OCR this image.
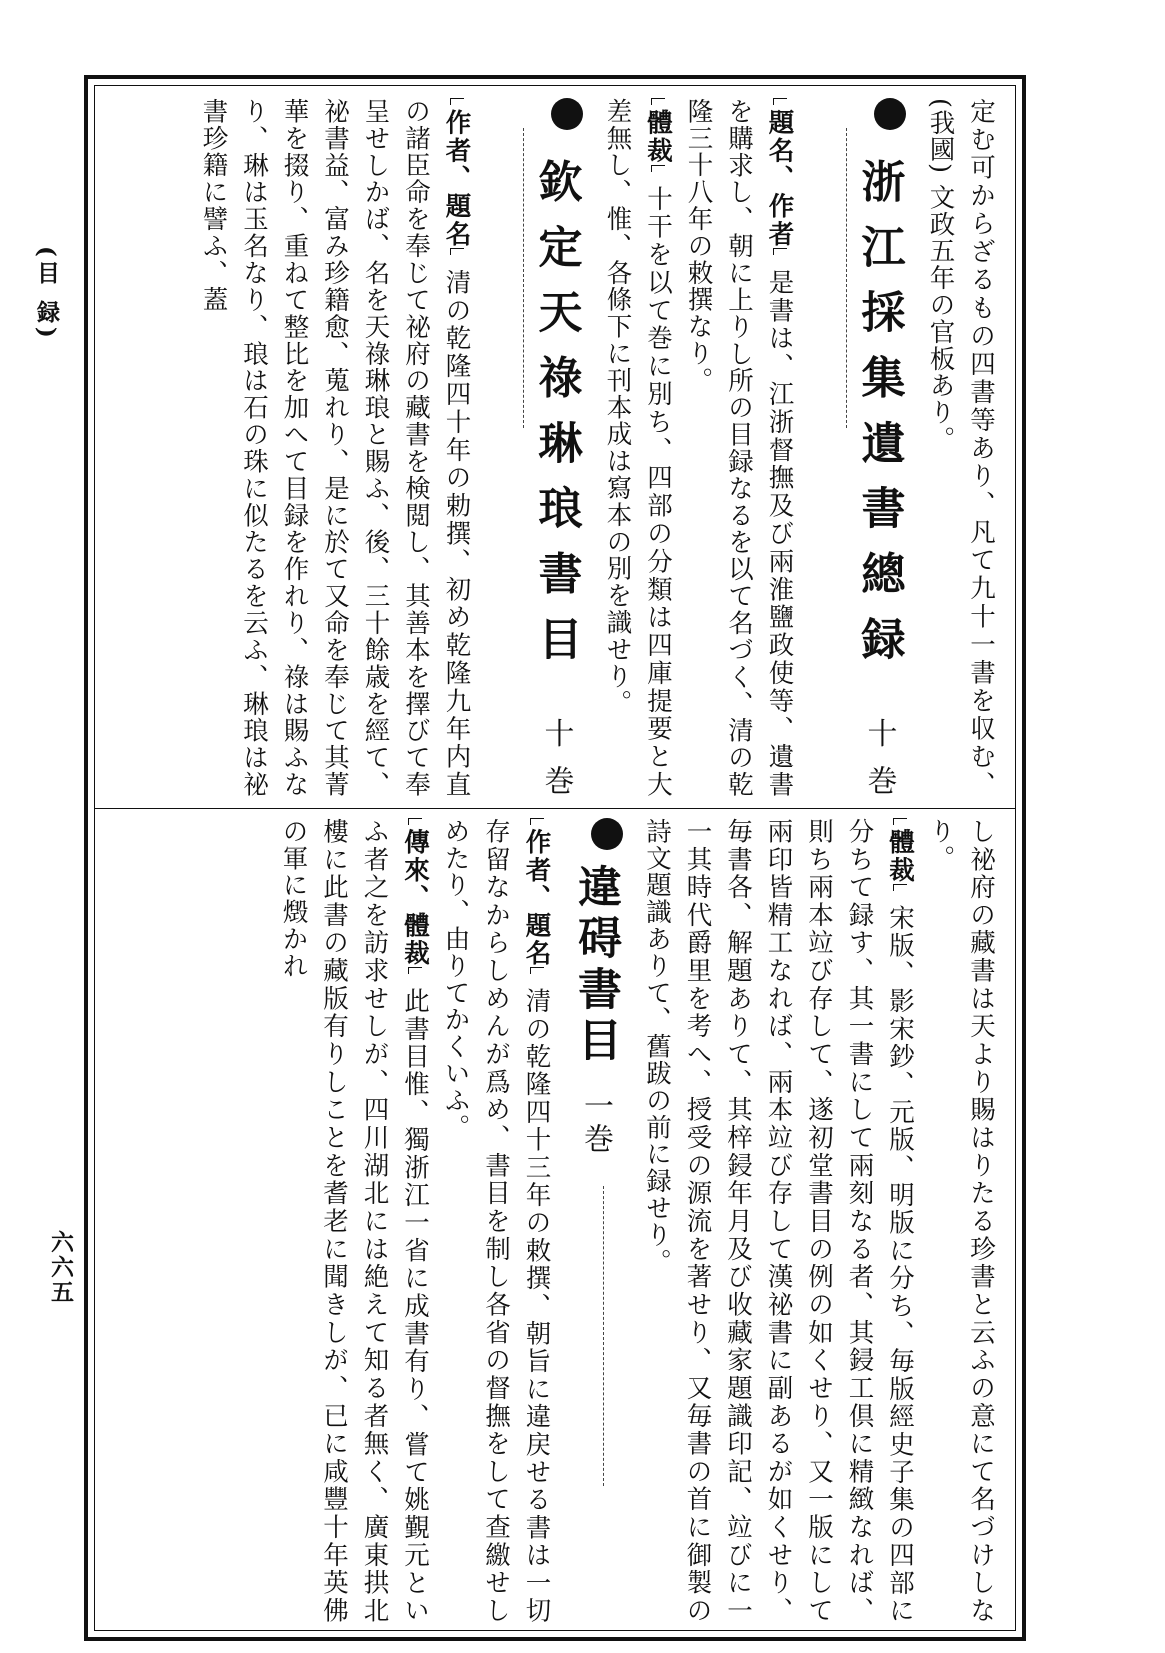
(目 録)
六六五

定む可からざるもの四書等あり、凡て九十一書を収む、(我國) 文政五年の官板あり。

浙江採集遺書總録 十巻

題名、作者 是書は、江浙督撫及び兩淮鹽政使等、遺書を購求し、朝に上りし所の目録なるを以て名づく、清の乾隆三十八年の敕撰なり。

體裁 十干を以て巻に別ち、四部の分類は四庫提要と大差無し、惟、各條下に刊本成は寫本の別を識せり。

欽定天祿琳琅書目 十巻

作者、題名 清の乾隆四十年の勅撰、初め乾隆九年内直の諸臣命を奉じて祕府の藏書を検閲し、其善本を擇びて奉呈せしかば、名を天祿琳琅と賜ふ、後、三十餘歳を經て、祕書益、富み珍籍愈、蒐れり、是に於て又命を奉じて其菁華を掇り、重ねて整比を加へて目録を作れり、祿は賜ふなり、琳は玉名なり、琅は石の珠に似たるを云ふ、琳琅は祕書珍籍に譬ふ、蓋

し祕府の藏書は天より賜はりたる珍書と云ふの意にて名づけしなり。

體裁 宋版、影宋鈔、元版、明版に分ち、毎版經史子集の四部に分ちて録す、其一書にして兩刻なる者、其鋟工倶に精緻なれば、則ち兩本竝び存して、遂初堂書目の例の如くせり、又一版にして兩印皆精工なれば、兩本竝び存して漢祕書に副あるが如くせり、毎書各、解題ありて、其梓鋟年月及び收藏家題識印記、竝びに一一其時代爵里を考へ、授受の源流を著せり、又毎書の首に御製の詩文題識ありて、舊跋の前に録せり。

違碍書目 一巻

作者、題名 清の乾隆四十三年の敕撰、朝旨に違戻せる書は一切存留なからしめんが爲め、書目を制し各省の督撫をして查繳せしめたり、由りてかくいふ。

傳來、體裁 此書目惟、獨浙江一省に成書有り、嘗て姚覲元といふ者之を訪求せしが、四川湖北には絶えて知る者無く、廣東拱北樓に此書の藏版有りしことを耆老に聞きしが、已に咸豐十年英佛の軍に燬かれ
